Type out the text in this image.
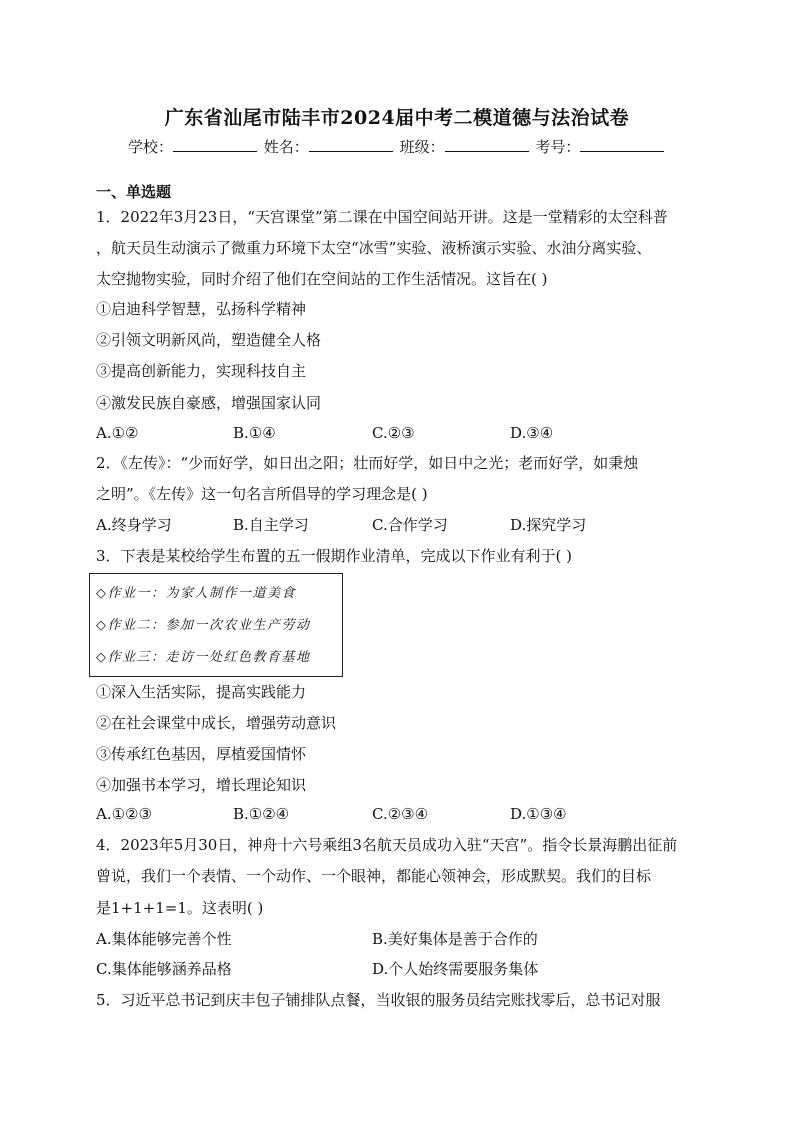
广东省汕尾市陆丰市2024届中考二模道德与法治试卷
学校：	姓名：	班级：	考号：
一、单选题
1．2022年3月23日，“天宫课堂”第二课在中国空间站开讲。这是一堂精彩的太空科普
，航天员生动演示了微重力环境下太空“冰雪”实验、液桥演示实验、水油分离实验、
太空抛物实验，同时介绍了他们在空间站的工作生活情况。这旨在( )
①启迪科学智慧，弘扬科学精神
②引领文明新风尚，塑造健全人格
③提高创新能力，实现科技自主
④激发民族自豪感，增强国家认同
A.①②	B.①④	C.②③	D.③④
2．《左传》：“少而好学，如日出之阳；壮而好学，如日中之光；老而好学，如秉烛
之明”。《左传》这一句名言所倡导的学习理念是( )
A.终身学习	B.自主学习	C.合作学习	D.探究学习
3．下表是某校给学生布置的五一假期作业清单，完成以下作业有利于( )
◇作业一：为家人制作一道美食
◇作业二：参加一次农业生产劳动
◇作业三：走访一处红色教育基地
①深入生活实际，提高实践能力
②在社会课堂中成长，增强劳动意识
③传承红色基因，厚植爱国情怀
④加强书本学习，增长理论知识
A.①②③	B.①②④	C.②③④	D.①③④
4．2023年5月30日，神舟十六号乘组3名航天员成功入驻“天宫”。指令长景海鹏出征前
曾说，我们一个表情、一个动作、一个眼神，都能心领神会，形成默契。我们的目标
是1+1+1=1。这表明( )
A.集体能够完善个性	B.美好集体是善于合作的
C.集体能够涵养品格	D.个人始终需要服务集体
5．习近平总书记到庆丰包子铺排队点餐，当收银的服务员结完账找零后，总书记对服
